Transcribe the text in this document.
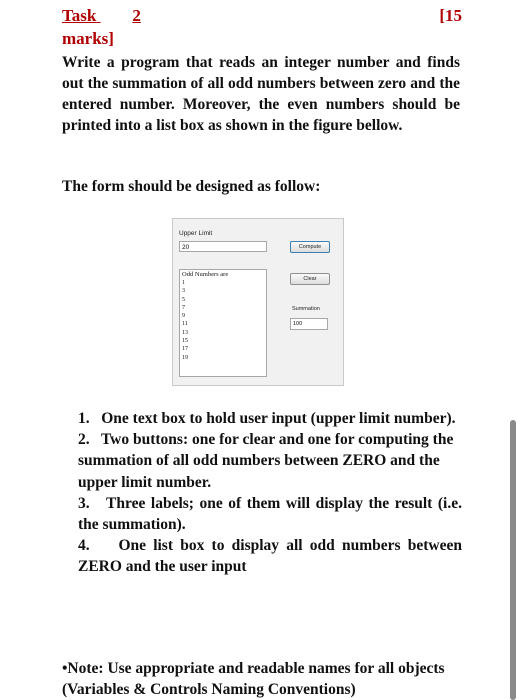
Task 2	[15
marks]
Write a program that reads an integer number and finds out the summation of all odd numbers between zero and the entered number. Moreover, the even numbers should be printed into a list box as shown in the figure bellow.
The form should be designed as follow:
Upper Limit
20	Compute
Clear
Summation
100
Odd Numbers are
1
3
5
7
9
11
13
15
17
19

1. One text box to hold user input (upper limit number).

2. Two buttons: one for clear and one for computing the summation of all odd numbers between ZERO and the upper limit number.

3. Three labels; one of them will display the result (i.e. the summation).

4. One list box to display all odd numbers between ZERO and the user input

•Note: Use appropriate and readable names for all objects (Variables & Controls Naming Conventions)
